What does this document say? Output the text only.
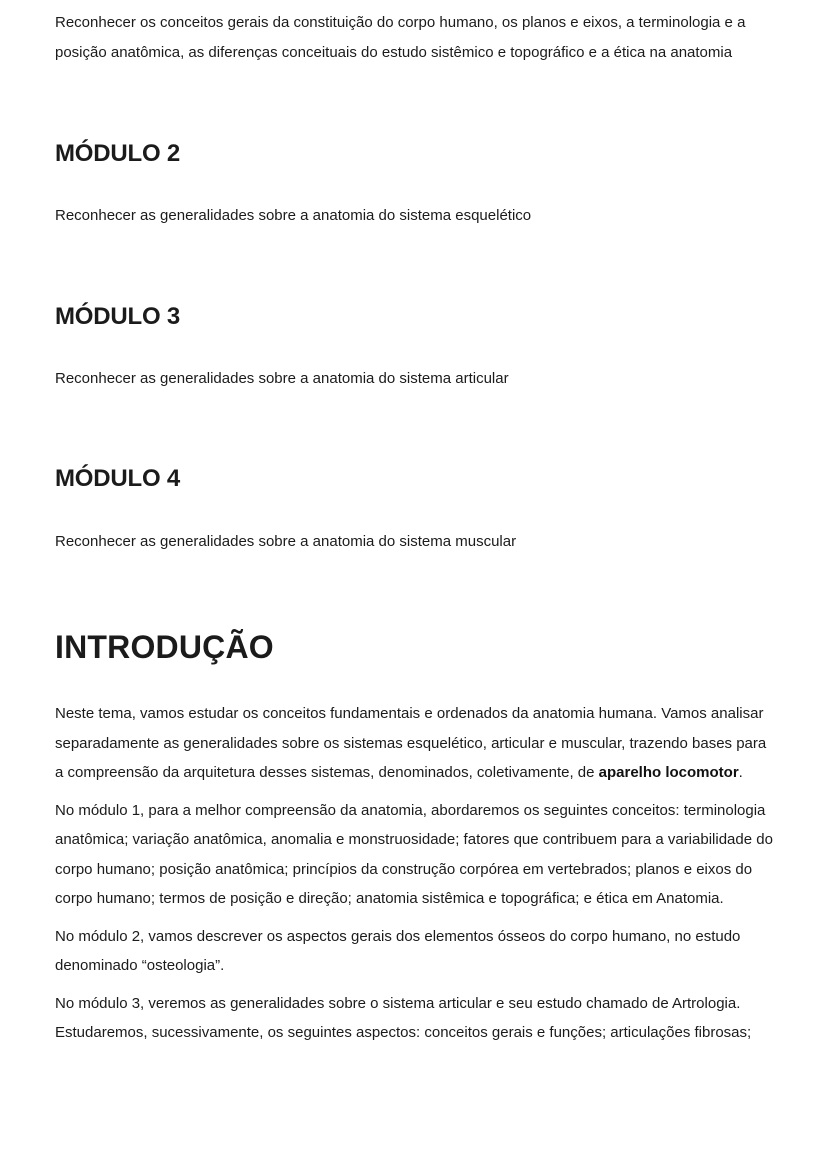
Reconhecer os conceitos gerais da constituição do corpo humano, os planos e eixos, a terminologia e a posição anatômica, as diferenças conceituais do estudo sistêmico e topográfico e a ética na anatomia

MÓDULO 2

Reconhecer as generalidades sobre a anatomia do sistema esquelético

MÓDULO 3

Reconhecer as generalidades sobre a anatomia do sistema articular

MÓDULO 4

Reconhecer as generalidades sobre a anatomia do sistema muscular

INTRODUÇÃO

Neste tema, vamos estudar os conceitos fundamentais e ordenados da anatomia humana. Vamos analisar separadamente as generalidades sobre os sistemas esquelético, articular e muscular, trazendo bases para a compreensão da arquitetura desses sistemas, denominados, coletivamente, de aparelho locomotor.

No módulo 1, para a melhor compreensão da anatomia, abordaremos os seguintes conceitos: terminologia anatômica; variação anatômica, anomalia e monstruosidade; fatores que contribuem para a variabilidade do corpo humano; posição anatômica; princípios da construção corpórea em vertebrados; planos e eixos do corpo humano; termos de posição e direção; anatomia sistêmica e topográfica; e ética em Anatomia.

No módulo 2, vamos descrever os aspectos gerais dos elementos ósseos do corpo humano, no estudo denominado “osteologia”.

No módulo 3, veremos as generalidades sobre o sistema articular e seu estudo chamado de Artrologia. Estudaremos, sucessivamente, os seguintes aspectos: conceitos gerais e funções; articulações fibrosas;
